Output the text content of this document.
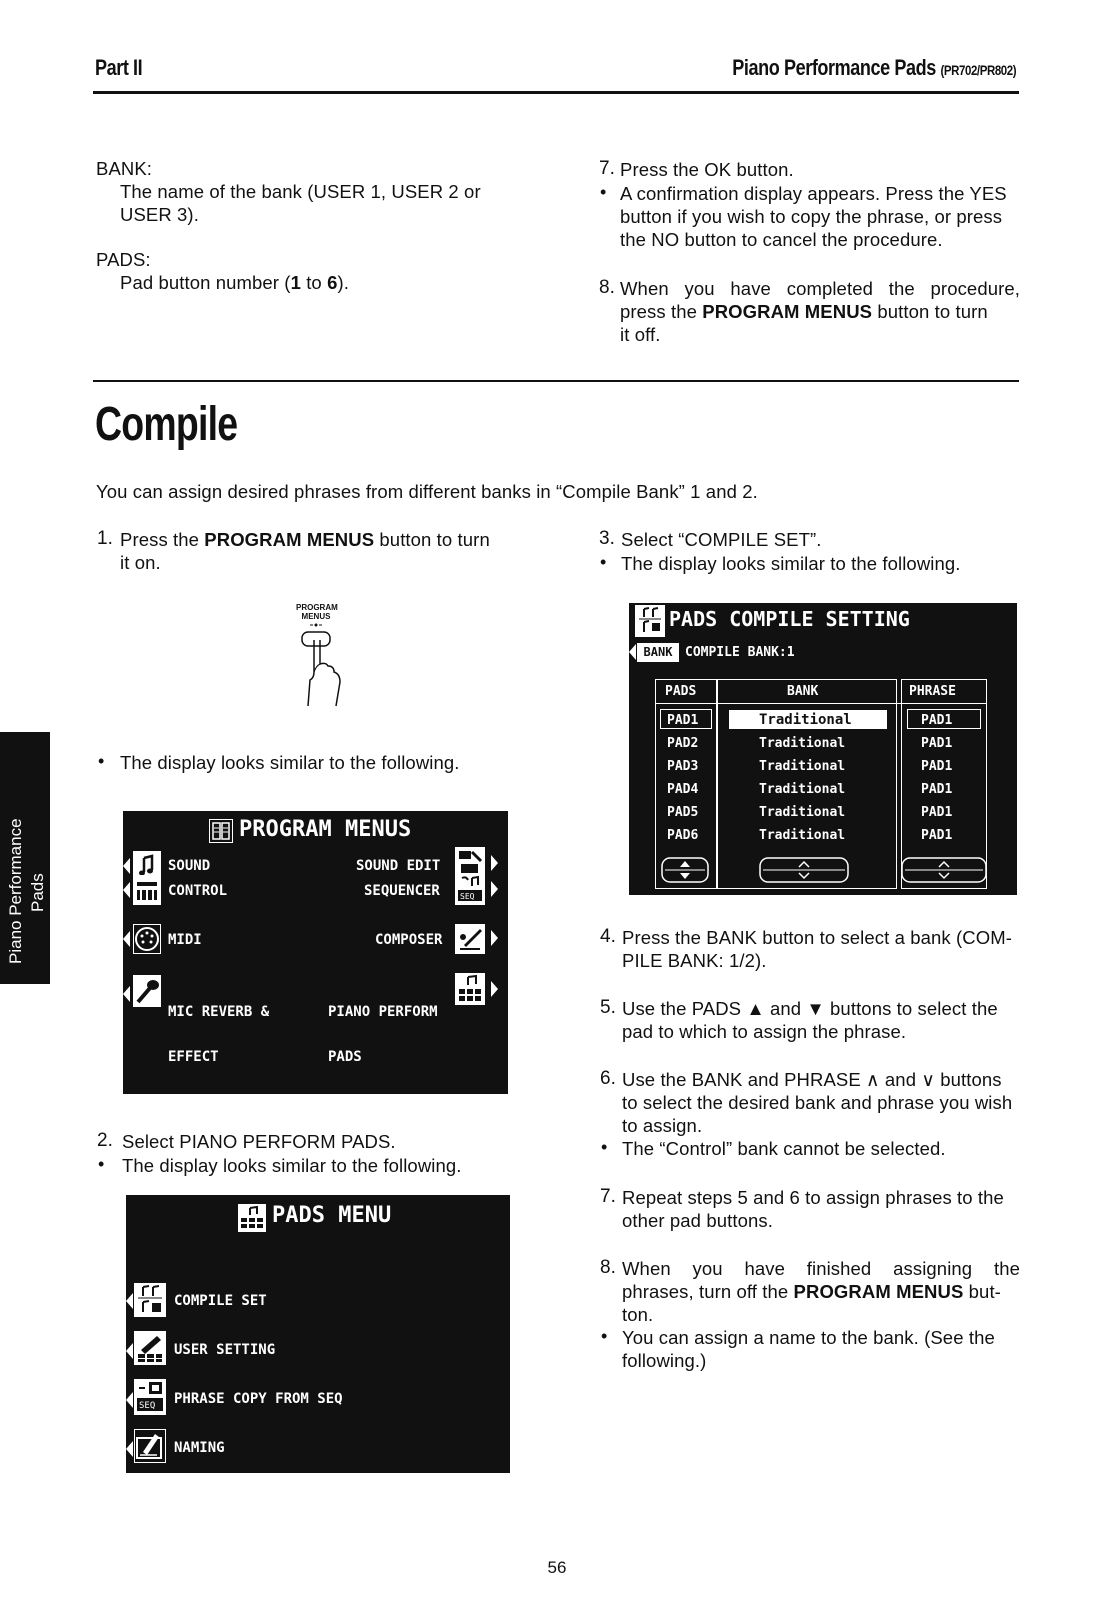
Part II	Piano Performance Pads (PR702/PR802)
BANK:
The name of the bank (USER 1, USER 2 or
USER 3).
PADS:
Pad button number (1 to 6).
7. Press the OK button.
• A confirmation display appears. Press the YES
button if you wish to copy the phrase, or press
the NO button to cancel the procedure.
8. When you have completed the procedure,
press the PROGRAM MENUS button to turn
it off.
Compile
You can assign desired phrases from different banks in “Compile Bank” 1 and 2.
1. Press the PROGRAM MENUS button to turn
it on.
PROGRAM
MENUS
• The display looks similar to the following.
PROGRAM MENUS
SOUND	SOUND EDIT
CONTROL	SEQUENCER	SEQ
MIDI	COMPOSER

MIC REVERB &

EFFECT

PIANO PERFORM

PADS

2. Select PIANO PERFORM PADS.
• The display looks similar to the following.
PADS MENU
COMPILE SET
USER SETTING
SEQ PHRASE COPY FROM SEQ
NAMING
3. Select “COMPILE SET”.
• The display looks similar to the following.
PADS COMPILE SETTING
BANK COMPILE BANK:1
PADS	BANK	PHRASE
PAD1	Traditional	PAD1
PAD2	Traditional	PAD1
PAD3	Traditional	PAD1
PAD4	Traditional	PAD1
PAD5	Traditional	PAD1
PAD6	Traditional	PAD1
4. Press the BANK button to select a bank (COM-
PILE BANK: 1/2).
5. Use the PADS ▲ and ▼ buttons to select the
pad to which to assign the phrase.
6. Use the BANK and PHRASE ∧ and ∨ buttons
to select the desired bank and phrase you wish
to assign.
• The “Control” bank cannot be selected.
7. Repeat steps 5 and 6 to assign phrases to the
other pad buttons.
8. When you have finished assigning the
phrases, turn off the PROGRAM MENUS but-
ton.
• You can assign a name to the bank. (See the
following.)
Piano Performance Pads
56
